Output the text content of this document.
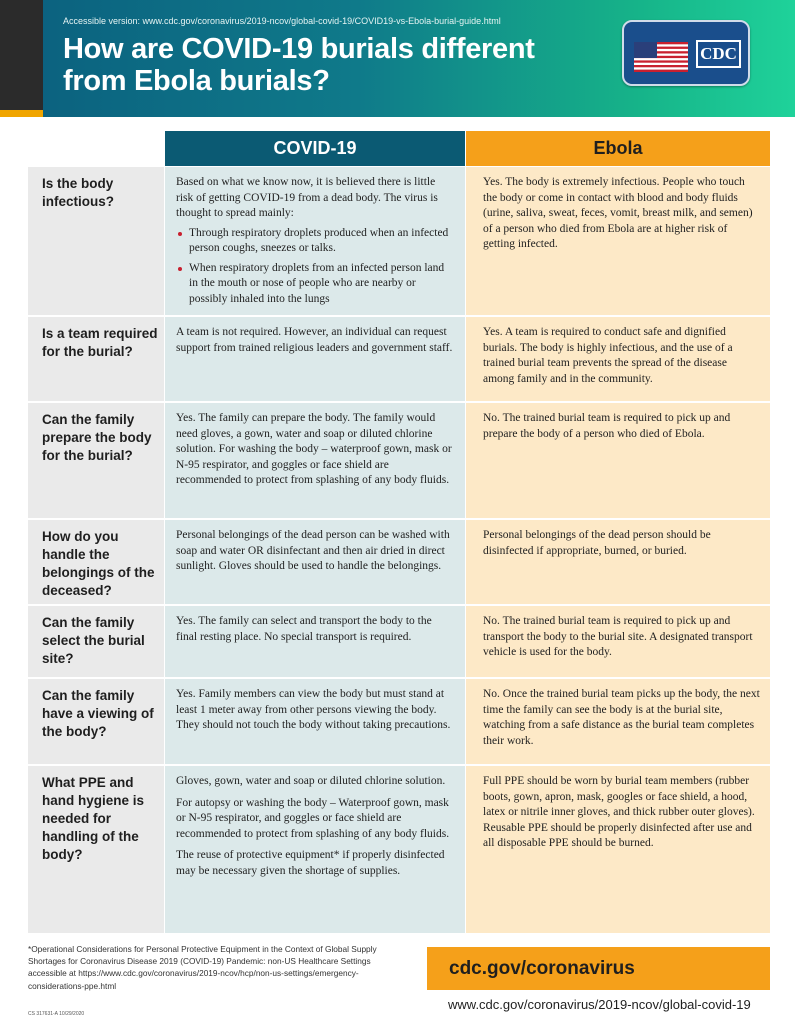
Accessible version: www.cdc.gov/coronavirus/2019-ncov/global-covid-19/COVID19-vs-Ebola-burial-guide.html
How are COVID-19 burials different from Ebola burials?
CDC
COVID-19	Ebola
Is the body infectious?

Based on what we know now, it is believed there is little risk of getting COVID-19 from a dead body. The virus is thought to spread mainly:

Through respiratory droplets produced when an infected person coughs, sneezes or talks.
When respiratory droplets from an infected person land in the mouth or nose of people who are nearby or possibly inhaled into the lungs
Yes. The body is extremely infectious. People who touch the body or come in contact with blood and body fluids (urine, saliva, sweat, feces, vomit, breast milk, and semen) of a person who died from Ebola are at higher risk of getting infected.
Is a team required for the burial?
A team is not required. However, an individual can request support from trained religious leaders and government staff.
Yes. A team is required to conduct safe and dignified burials. The body is highly infectious, and the use of a trained burial team prevents the spread of the disease among family and in the community.
Can the family prepare the body for the burial?
Yes. The family can prepare the body. The family would need gloves, a gown, water and soap or diluted chlorine solution. For washing the body – waterproof gown, mask or N-95 respirator, and goggles or face shield are recommended to protect from splashing of any body fluids.
No. The trained burial team is required to pick up and prepare the body of a person who died of Ebola.
How do you handle the belongings of the deceased?
Personal belongings of the dead person can be washed with soap and water OR disinfectant and then air dried in direct sunlight. Gloves should be used to handle the belongings.
Personal belongings of the dead person should be disinfected if appropriate, burned, or buried.
Can the family select the burial site?
Yes. The family can select and transport the body to the final resting place. No special transport is required.
No. The trained burial team is required to pick up and transport the body to the burial site. A designated transport vehicle is used for the body.
Can the family have a viewing of the body?
Yes. Family members can view the body but must stand at least 1 meter away from other persons viewing the body. They should not touch the body without taking precautions.
No. Once the trained burial team picks up the body, the next time the family can see the body is at the burial site, watching from a safe distance as the burial team completes their work.
What PPE and hand hygiene is needed for handling of the body?

Gloves, gown, water and soap or diluted chlorine solution.

For autopsy or washing the body – Waterproof gown, mask or N-95 respirator, and goggles or face shield are recommended to protect from splashing of any body fluids.

The reuse of protective equipment* if properly disinfected may be necessary given the shortage of supplies.

Full PPE should be worn by burial team members (rubber boots, gown, apron, mask, googles or face shield, a hood, latex or nitrile inner gloves, and thick rubber outer gloves). Reusable PPE should be properly disinfected after use and all disposable PPE should be burned.
*Operational Considerations for Personal Protective Equipment in the Context of Global Supply Shortages for Coronavirus Disease 2019 (COVID-19) Pandemic: non-US Healthcare Settings accessible at https://www.cdc.gov/coronavirus/2019-ncov/hcp/non-us-settings/emergency-considerations-ppe.html
CS 317631-A 10/29/2020
cdc.gov/coronavirus
www.cdc.gov/coronavirus/2019-ncov/global-covid-19
